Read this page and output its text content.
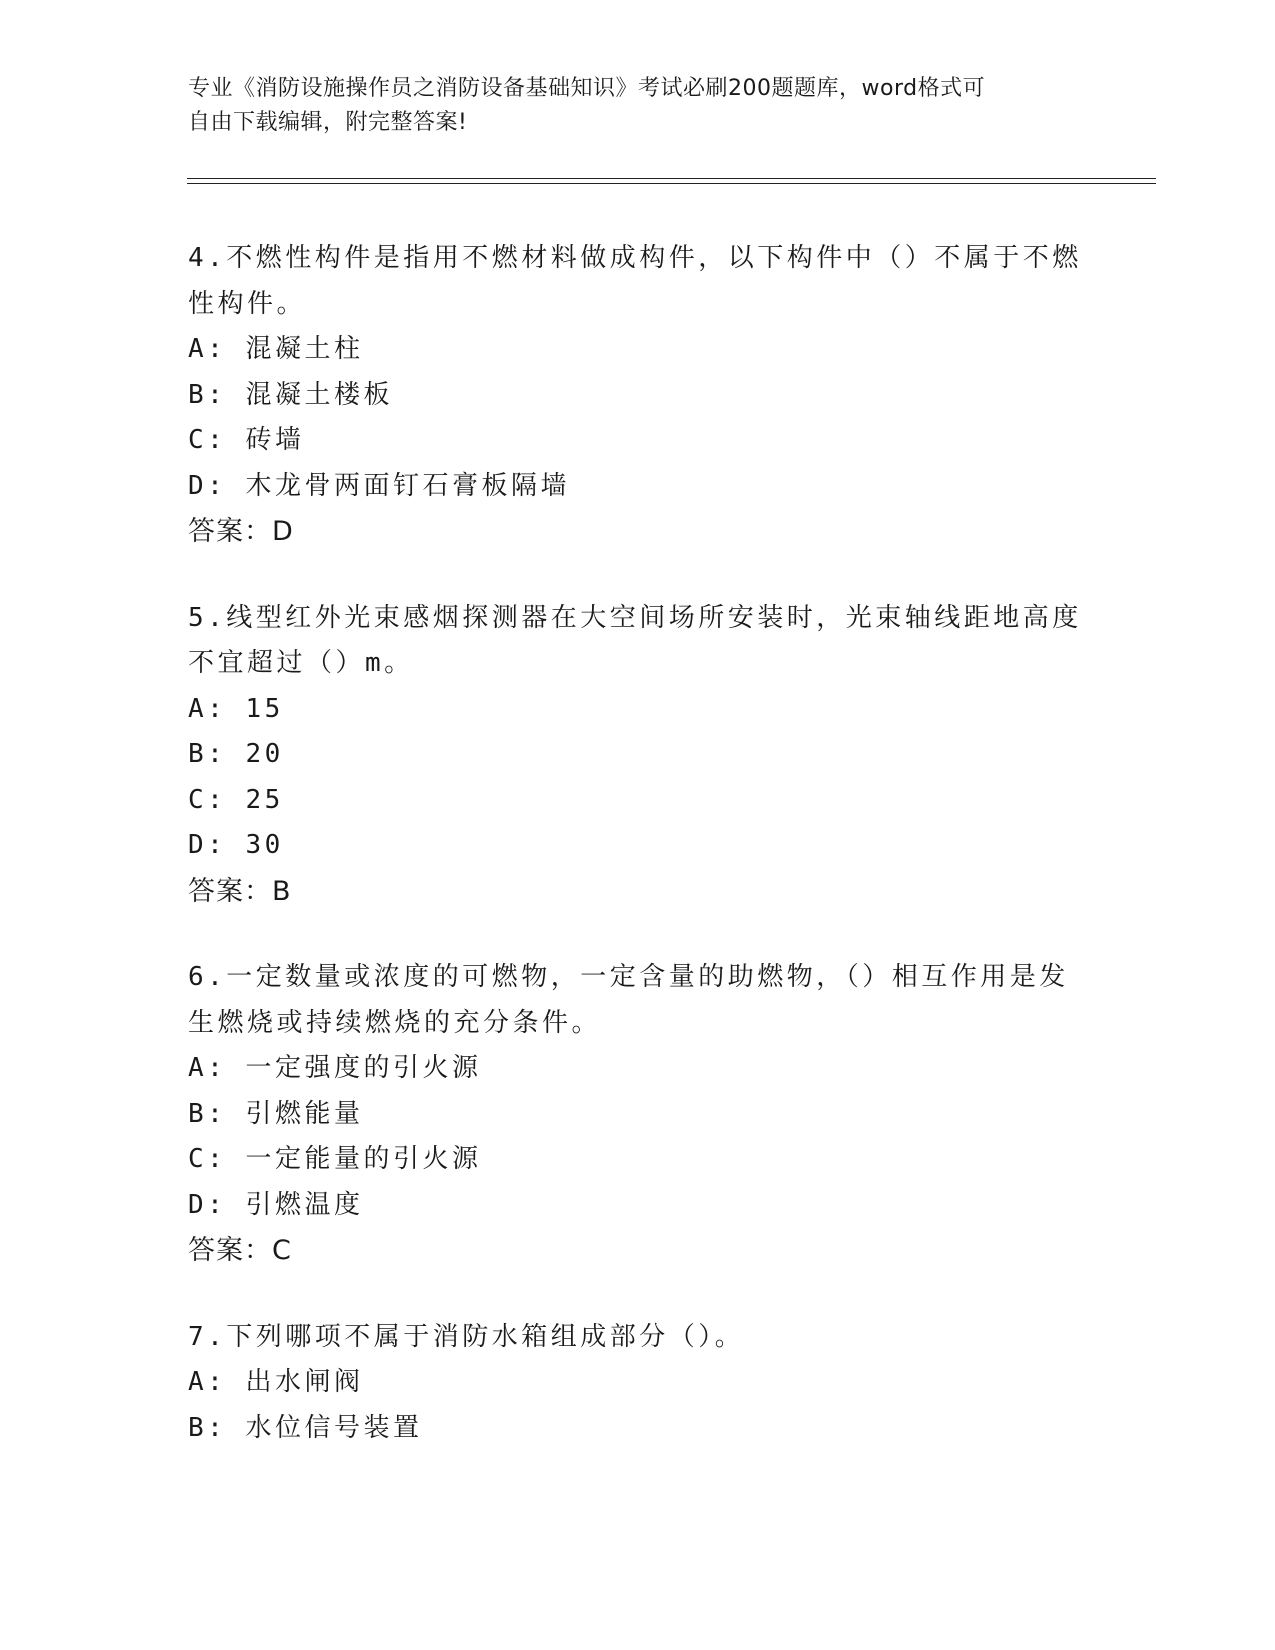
专业《消防设施操作员之消防设备基础知识》考试必刷200题题库，word格式可
自由下载编辑，附完整答案!
4.不燃性构件是指用不燃材料做成构件，以下构件中（）不属于不燃
性构件。
A: 混凝土柱
B: 混凝土楼板
C: 砖墙
D: 木龙骨两面钉石膏板隔墙
答案：D
5.线型红外光束感烟探测器在大空间场所安装时，光束轴线距地高度
不宜超过（）m。
A: 15
B: 20
C: 25
D: 30
答案：B
6.一定数量或浓度的可燃物，一定含量的助燃物，（）相互作用是发
生燃烧或持续燃烧的充分条件。
A: 一定强度的引火源
B: 引燃能量
C: 一定能量的引火源
D: 引燃温度
答案：C
7.下列哪项不属于消防水箱组成部分（）。
A: 出水闸阀
B: 水位信号装置
